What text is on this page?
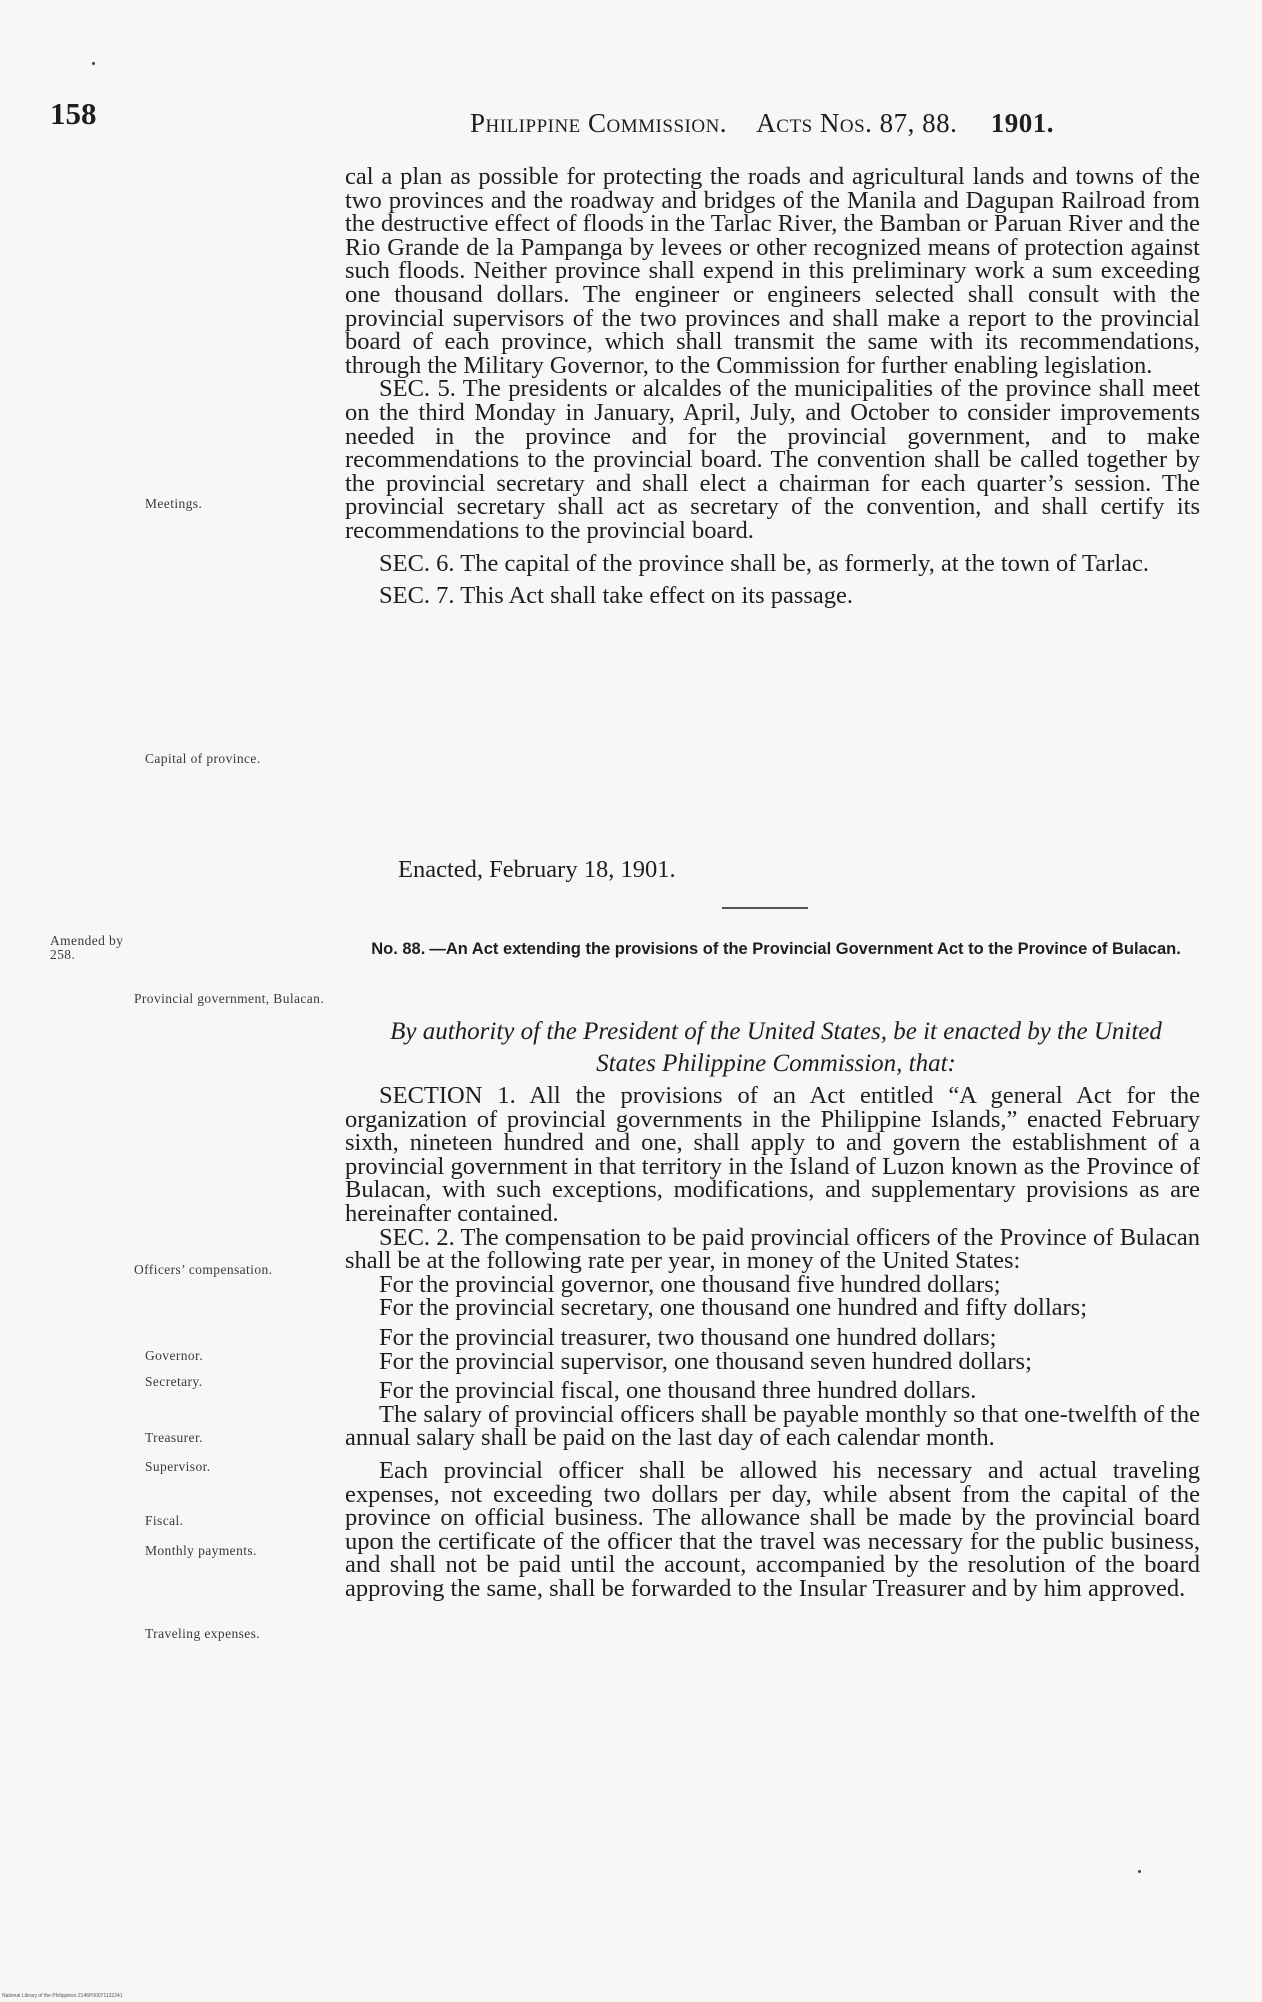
158	Philippine Commission. Acts Nos. 87, 88. 1901.

cal a plan as possible for protecting the roads and agricultural lands and towns of the two provinces and the roadway and bridges of the Manila and Dagupan Railroad from the destructive effect of floods in the Tarlac River, the Bamban or Paruan River and the Rio Grande de la Pampanga by levees or other recognized means of protection against such floods. Neither province shall expend in this preliminary work a sum exceeding one thousand dollars. The engineer or engineers selected shall consult with the provincial supervisors of the two provinces and shall make a report to the provincial board of each province, which shall transmit the same with its recommendations, through the Military Governor, to the Commission for further enabling legislation.

SEC. 5. The presidents or alcaldes of the municipalities of the province shall meet on the third Monday in January, April, July, and October to consider improvements needed in the province and for the provincial government, and to make recommendations to the provincial board. The convention shall be called together by the provincial secretary and shall elect a chairman for each quarter’s session. The provincial secretary shall act as secretary of the convention, and shall certify its recommendations to the provincial board.

SEC. 6. The capital of the province shall be, as formerly, at the town of Tarlac.

SEC. 7. This Act shall take effect on its passage.

Enacted, February 18, 1901.
No. 88. —An Act extending the provisions of the Provincial Government Act to the Province of Bulacan.
By authority of the President of the United States, be it enacted by the United States Philippine Commission, that:

SECTION 1. All the provisions of an Act entitled “A general Act for the organization of provincial governments in the Philippine Islands,” enacted February sixth, nineteen hundred and one, shall apply to and govern the establishment of a provincial government in that territory in the Island of Luzon known as the Province of Bulacan, with such exceptions, modifications, and supplementary provisions as are hereinafter contained.

SEC. 2. The compensation to be paid provincial officers of the Province of Bulacan shall be at the following rate per year, in money of the United States:

For the provincial governor, one thousand five hundred dollars;

For the provincial secretary, one thousand one hundred and fifty dollars;

For the provincial treasurer, two thousand one hundred dollars;

For the provincial supervisor, one thousand seven hundred dollars;

For the provincial fiscal, one thousand three hundred dollars.

The salary of provincial officers shall be payable monthly so that one-twelfth of the annual salary shall be paid on the last day of each calendar month.

Each provincial officer shall be allowed his necessary and actual traveling expenses, not exceeding two dollars per day, while absent from the capital of the province on official business. The allowance shall be made by the provincial board upon the certificate of the officer that the travel was necessary for the public business, and shall not be paid until the account, accompanied by the resolution of the board approving the same, shall be forwarded to the Insular Treasurer and by him approved.

Meetings.
Capital of province.
Amended by 258.
Provincial government, Bulacan.
Officers’ compensation.
Governor.
Secretary.
Treasurer.
Supervisor.
Fiscal.
Monthly payments.
Traveling expenses.
National Library of the Philippines 2146P00071132241
